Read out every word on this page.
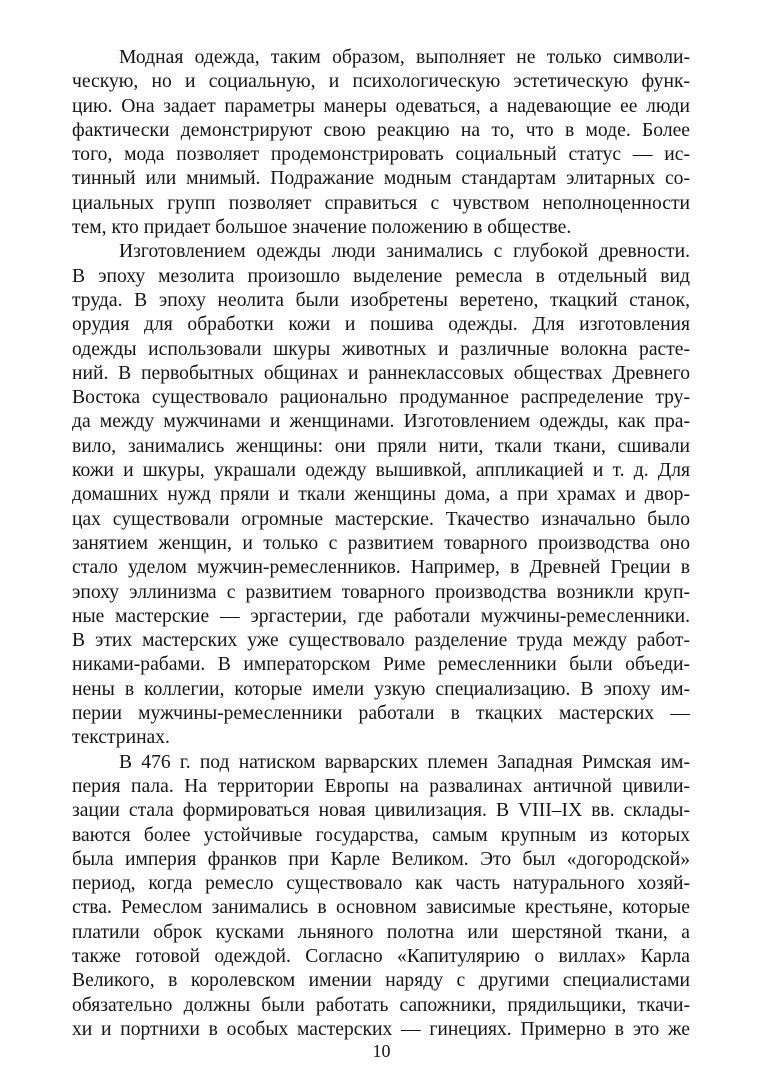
Модная одежда, таким образом, выполняет не только символи-
ческую, но и социальную, и психологическую эстетическую функ-
цию. Она задает параметры манеры одеваться, а надевающие ее люди
фактически демонстрируют свою реакцию на то, что в моде. Более
того, мода позволяет продемонстрировать социальный статус — ис-
тинный или мнимый. Подражание модным стандартам элитарных со-
циальных групп позволяет справиться с чувством неполноценности
тем, кто придает большое значение положению в обществе.
Изготовлением одежды люди занимались с глубокой древности.
В эпоху мезолита произошло выделение ремесла в отдельный вид
труда. В эпоху неолита были изобретены веретено, ткацкий станок,
орудия для обработки кожи и пошива одежды. Для изготовления
одежды использовали шкуры животных и различные волокна расте-
ний. В первобытных общинах и раннеклассовых обществах Древнего
Востока существовало рационально продуманное распределение тру-
да между мужчинами и женщинами. Изготовлением одежды, как пра-
вило, занимались женщины: они пряли нити, ткали ткани, сшивали
кожи и шкуры, украшали одежду вышивкой, аппликацией и т. д. Для
домашних нужд пряли и ткали женщины дома, а при храмах и двор-
цах существовали огромные мастерские. Ткачество изначально было
занятием женщин, и только с развитием товарного производства оно
стало уделом мужчин-ремесленников. Например, в Древней Греции в
эпоху эллинизма с развитием товарного производства возникли круп-
ные мастерские — эргастерии, где работали мужчины-ремесленники.
В этих мастерских уже существовало разделение труда между работ-
никами-рабами. В императорском Риме ремесленники были объеди-
нены в коллегии, которые имели узкую специализацию. В эпоху им-
перии мужчины-ремесленники работали в ткацких мастерских —
текстринах.
В 476 г. под натиском варварских племен Западная Римская им-
перия пала. На территории Европы на развалинах античной цивили-
зации стала формироваться новая цивилизация. В VIII–IX вв. склады-
ваются более устойчивые государства, самым крупным из которых
была империя франков при Карле Великом. Это был «догородской»
период, когда ремесло существовало как часть натурального хозяй-
ства. Ремеслом занимались в основном зависимые крестьяне, которые
платили оброк кусками льняного полотна или шерстяной ткани, а
также готовой одеждой. Согласно «Капитулярию о виллах» Карла
Великого, в королевском имении наряду с другими специалистами
обязательно должны были работать сапожники, прядильщики, ткачи-
хи и портнихи в особых мастерских — гинециях. Примерно в это же
10
